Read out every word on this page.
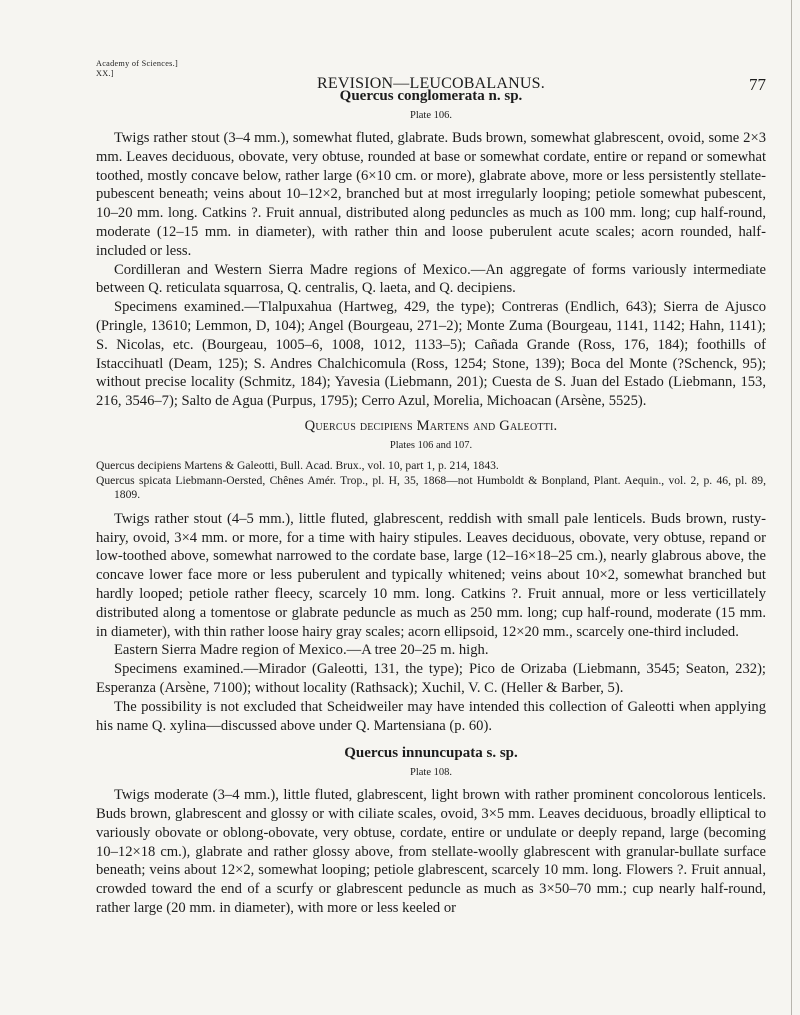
Academy of Sciences.]
XX.]
REVISION—LEUCOBALANUS.	77
Quercus conglomerata n. sp.
Plate 106.

Twigs rather stout (3–4 mm.), somewhat fluted, glabrate. Buds brown, somewhat glabrescent, ovoid, some 2×3 mm. Leaves deciduous, obovate, very obtuse, rounded at base or somewhat cordate, entire or repand or somewhat toothed, mostly concave below, rather large (6×10 cm. or more), glabrate above, more or less persistently stellate-pubescent beneath; veins about 10–12×2, branched but at most irregularly looping; petiole somewhat pubescent, 10–20 mm. long. Catkins ?. Fruit annual, distributed along peduncles as much as 100 mm. long; cup half-round, moderate (12–15 mm. in diameter), with rather thin and loose puberulent acute scales; acorn rounded, half-included or less.

Cordilleran and Western Sierra Madre regions of Mexico.—An aggregate of forms variously intermediate between Q. reticulata squarrosa, Q. centralis, Q. laeta, and Q. decipiens.

Specimens examined.—Tlalpuxahua (Hartweg, 429, the type); Contreras (Endlich, 643); Sierra de Ajusco (Pringle, 13610; Lemmon, D, 104); Angel (Bourgeau, 271–2); Monte Zuma (Bourgeau, 1141, 1142; Hahn, 1141); S. Nicolas, etc. (Bourgeau, 1005–6, 1008, 1012, 1133–5); Cañada Grande (Ross, 176, 184); foothills of Istaccihuatl (Deam, 125); S. Andres Chalchicomula (Ross, 1254; Stone, 139); Boca del Monte (?Schenck, 95); without precise locality (Schmitz, 184); Yavesia (Liebmann, 201); Cuesta de S. Juan del Estado (Liebmann, 153, 216, 3546–7); Salto de Agua (Purpus, 1795); Cerro Azul, Morelia, Michoacan (Arsène, 5525).

Quercus decipiens Martens and Galeotti.
Plates 106 and 107.

Quercus decipiens Martens & Galeotti, Bull. Acad. Brux., vol. 10, part 1, p. 214, 1843.

Quercus spicata Liebmann-Oersted, Chênes Amér. Trop., pl. H, 35, 1868—not Humboldt & Bonpland, Plant. Aequin., vol. 2, p. 46, pl. 89, 1809.

Twigs rather stout (4–5 mm.), little fluted, glabrescent, reddish with small pale lenticels. Buds brown, rusty-hairy, ovoid, 3×4 mm. or more, for a time with hairy stipules. Leaves deciduous, obovate, very obtuse, repand or low-toothed above, somewhat narrowed to the cordate base, large (12–16×18–25 cm.), nearly glabrous above, the concave lower face more or less puberulent and typically whitened; veins about 10×2, somewhat branched but hardly looped; petiole rather fleecy, scarcely 10 mm. long. Catkins ?. Fruit annual, more or less verticillately distributed along a tomentose or glabrate peduncle as much as 250 mm. long; cup half-round, moderate (15 mm. in diameter), with thin rather loose hairy gray scales; acorn ellipsoid, 12×20 mm., scarcely one-third included.

Eastern Sierra Madre region of Mexico.—A tree 20–25 m. high.

Specimens examined.—Mirador (Galeotti, 131, the type); Pico de Orizaba (Liebmann, 3545; Seaton, 232); Esperanza (Arsène, 7100); without locality (Rathsack); Xuchil, V. C. (Heller & Barber, 5).

The possibility is not excluded that Scheidweiler may have intended this collection of Galeotti when applying his name Q. xylina—discussed above under Q. Martensiana (p. 60).

Quercus innuncupata s. sp.
Plate 108.

Twigs moderate (3–4 mm.), little fluted, glabrescent, light brown with rather prominent concolorous lenticels. Buds brown, glabrescent and glossy or with ciliate scales, ovoid, 3×5 mm. Leaves deciduous, broadly elliptical to variously obovate or oblong-obovate, very obtuse, cordate, entire or undulate or deeply repand, large (becoming 10–12×18 cm.), glabrate and rather glossy above, from stellate-woolly glabrescent with granular-bullate surface beneath; veins about 12×2, somewhat looping; petiole glabrescent, scarcely 10 mm. long. Flowers ?. Fruit annual, crowded toward the end of a scurfy or glabrescent peduncle as much as 3×50–70 mm.; cup nearly half-round, rather large (20 mm. in diameter), with more or less keeled or
